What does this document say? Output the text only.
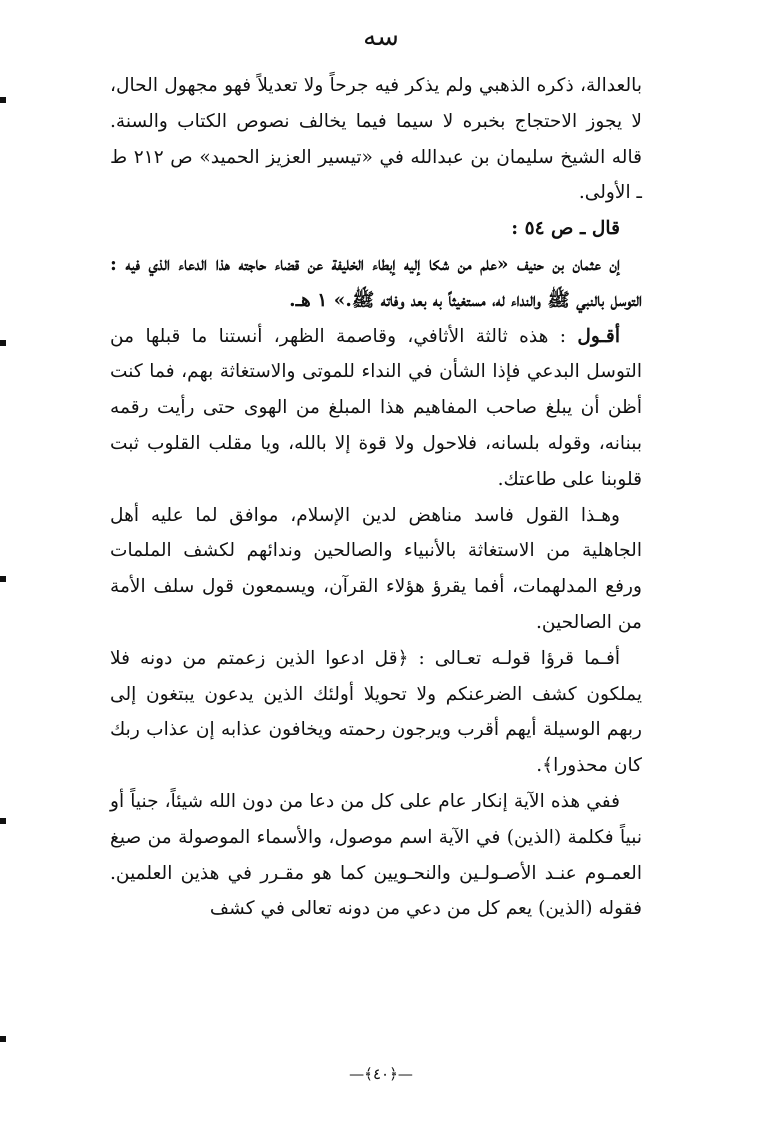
سه

بالعدالة، ذكره الذهبي ولم يذكر فيه جرحاً ولا تعديلاً فهو مجهول الحال، لا يجوز الاحتجاج بخبره لا سيما فيما يخالف نصوص الكتاب والسنة. قاله الشيخ سليمان بن عبدالله في «تيسير العزيز الحميد» ص ٢١٢ ط ـ الأولى.

قال ـ ص ٥٤ :

إن عثمان بن حنيف «علم من شكا إليه إبطاء الخليفة عن قضاء حاجته هذا الدعاء الذي فيه : التوسل بالنبي ﷺ والنداء له، مستغيثاً به بعد وفاته ﷺ.» ١ هـ.

أقـول : هذه ثالثة الأثافي، وقاصمة الظهر، أنستنا ما قبلها من التوسل البدعي فإذا الشأن في النداء للموتى والاستغاثة بهم، فما كنت أظن أن يبلغ صاحب المفاهيم هذا المبلغ من الهوى حتى رأيت رقمه ببنانه، وقوله بلسانه، فلاحول ولا قوة إلا بالله، ويا مقلب القلوب ثبت قلوبنا على طاعتك.

وهـذا القول فاسد مناهض لدين الإسلام، موافق لما عليه أهل الجاهلية من الاستغاثة بالأنبياء والصالحين وندائهم لكشف الملمات ورفع المدلهمات، أفما يقرؤ هؤلاء القرآن، ويسمعون قول سلف الأمة من الصالحين.

أفـما قرؤا قولـه تعـالى : ﴿قل ادعوا الذين زعمتم من دونه فلا يملكون كشف الضرعنكم ولا تحويلا أولئك الذين يدعون يبتغون إلى ربهم الوسيلة أيهم أقرب ويرجون رحمته ويخافون عذابه إن عذاب ربك كان محذورا﴾.

ففي هذه الآية إنكار عام على كل من دعا من دون الله شيئاً، جنياً أو نبياً فكلمة (الذين) في الآية اسم موصول، والأسماء الموصولة من صيغ العمـوم عنـد الأصـولـين والنحـويين كما هو مقـرر في هذين العلمين. فقوله (الذين) يعم كل من دعي من دونه تعالى في كشف

—﴿٤٠﴾—
